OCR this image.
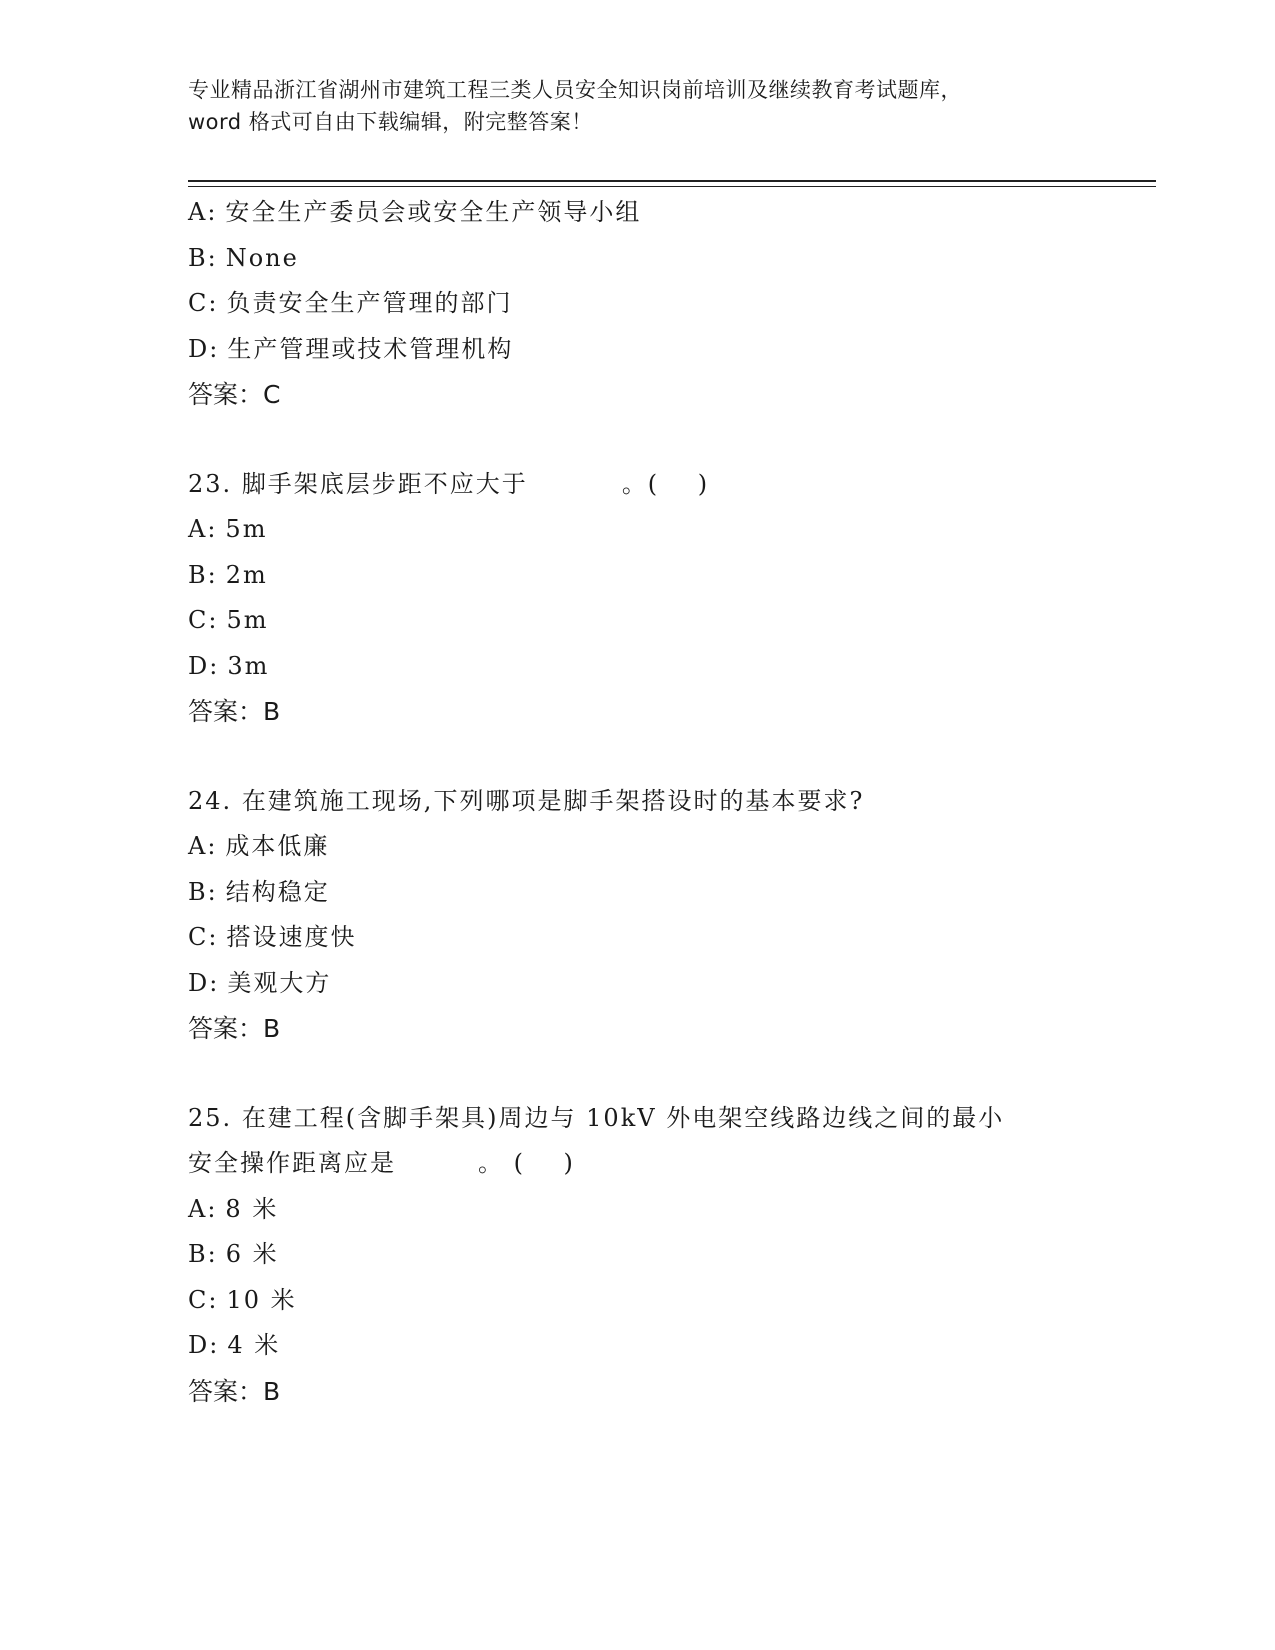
专业精品浙江省湖州市建筑工程三类人员安全知识岗前培训及继续教育考试题库，
word 格式可自由下载编辑，附完整答案！
A: 安全生产委员会或安全生产领导小组
B: None
C: 负责安全生产管理的部门
D: 生产管理或技术管理机构
答案：C
23. 脚手架底层步距不应大于	。(    )
A: 5m
B: 2m
C: 5m
D: 3m
答案：B
24. 在建筑施工现场,下列哪项是脚手架搭设时的基本要求?
A: 成本低廉
B: 结构稳定
C: 搭设速度快
D: 美观大方
答案：B
25. 在建工程(含脚手架具)周边与 10kV 外电架空线路边线之间的最小
安全操作距离应是	。 (    )
A: 8 米
B: 6 米
C: 10 米
D: 4 米
答案：B
